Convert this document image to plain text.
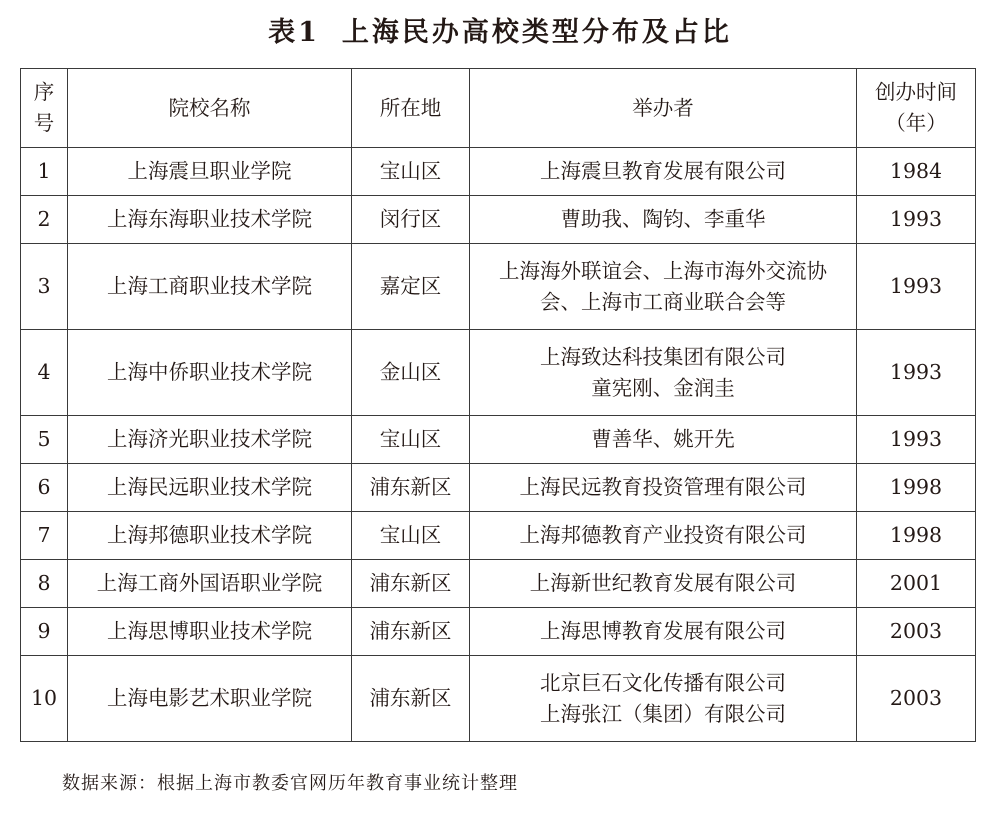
表1 上海民办高校类型分布及占比
序
号	院校名称	所在地	举办者	创办时间
（年）

1	上海震旦职业学院	宝山区	上海震旦教育发展有限公司	1984
2	上海东海职业技术学院	闵行区	曹助我、陶钧、李重华	1993
3	上海工商职业技术学院	嘉定区	上海海外联谊会、上海市海外交流协
会、上海市工商业联合会等	1993
4	上海中侨职业技术学院	金山区	上海致达科技集团有限公司
童宪刚、金润圭	1993
5	上海济光职业技术学院	宝山区	曹善华、姚开先	1993
6	上海民远职业技术学院	浦东新区	上海民远教育投资管理有限公司	1998
7	上海邦德职业技术学院	宝山区	上海邦德教育产业投资有限公司	1998
8	上海工商外国语职业学院	浦东新区	上海新世纪教育发展有限公司	2001
9	上海思博职业技术学院	浦东新区	上海思博教育发展有限公司	2003
10	上海电影艺术职业学院	浦东新区	北京巨石文化传播有限公司
上海张江（集团）有限公司	2003
数据来源：根据上海市教委官网历年教育事业统计整理
